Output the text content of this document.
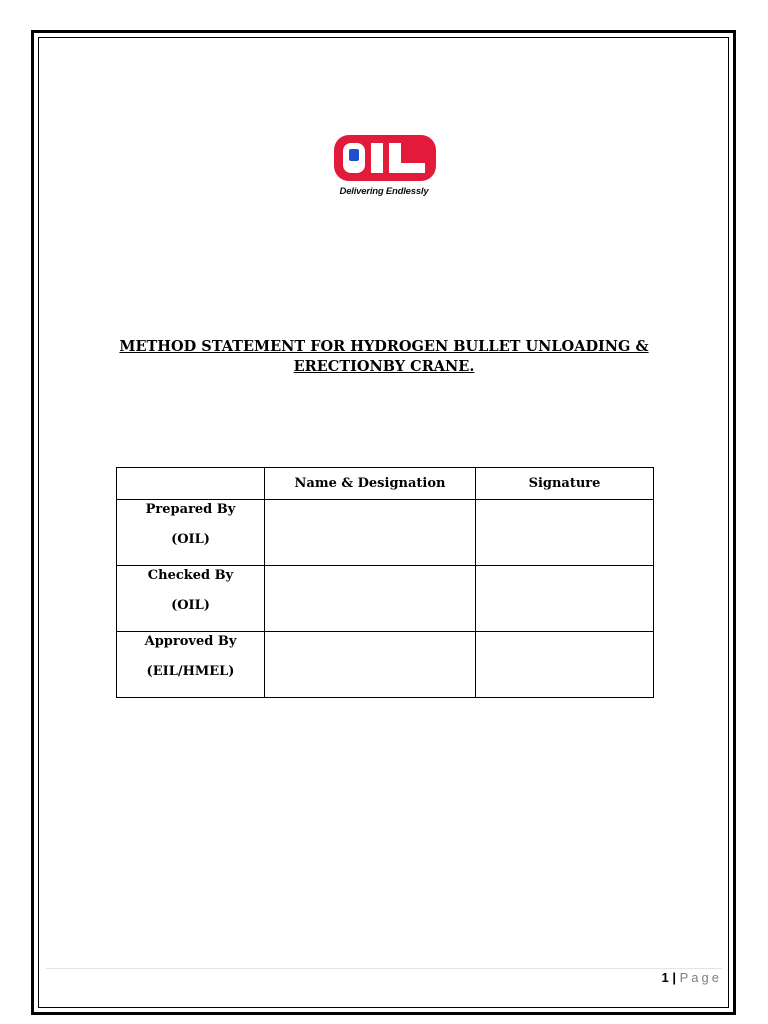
Delivering Endlessly
METHOD STATEMENT FOR HYDROGEN BULLET UNLOADING &
ERECTIONBY CRANE.
	Name & Designation	Signature

Prepared By
(OIL)		

Checked By
(OIL)		

Approved By
(EIL/HMEL)		

1 | Page
